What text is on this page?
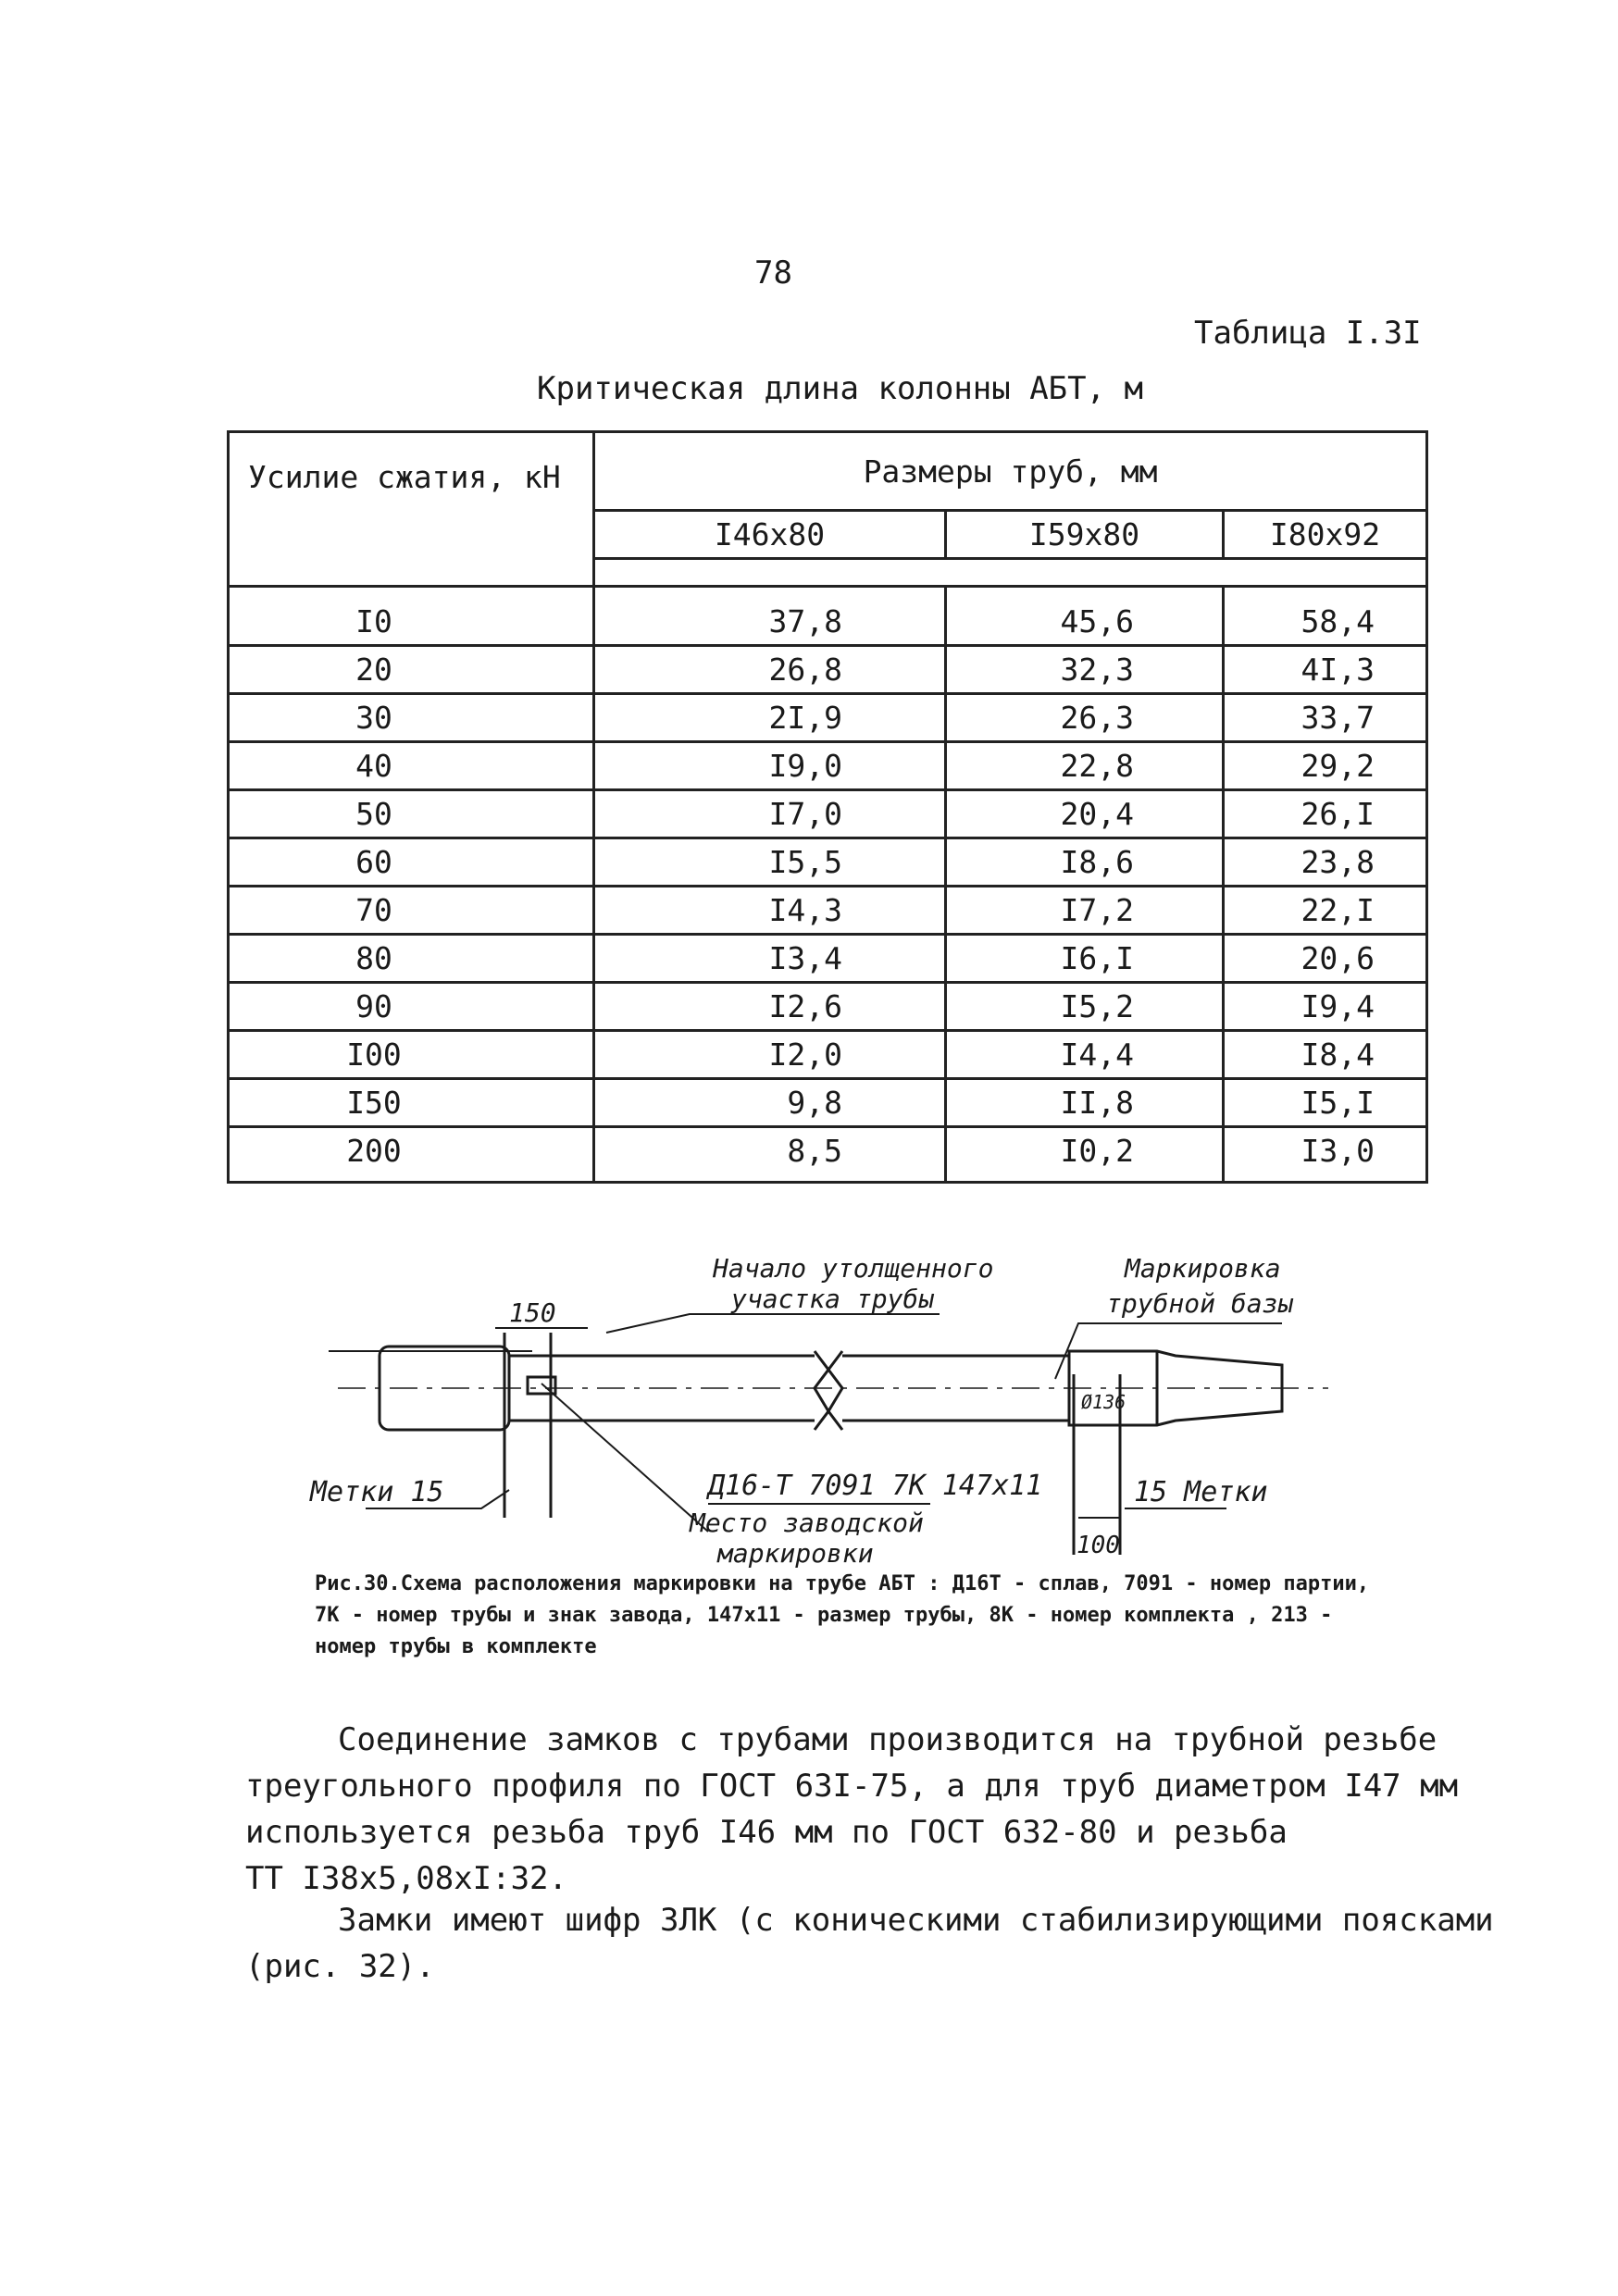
78
Таблица I.3I
Критическая длина колонны АБТ, м
Усилие сжатия, кН	Размеры труб, мм		
	I46x80	I59x80	I80x92

I0	37,8	45,6	58,4
20	26,8	32,3	4I,3
30	2I,9	26,3	33,7
40	I9,0	22,8	29,2
50	I7,0	20,4	26,I
60	I5,5	I8,6	23,8
70	I4,3	I7,2	22,I
80	I3,4	I6,I	20,6
90	I2,6	I5,2	I9,4
I00	I2,0	I4,4	I8,4
I50	9,8	II,8	I5,I
200	8,5	I0,2	I3,0
Начало утолщенного
участка трубы
Маркировка
трубной базы
150
Ø136
Метки 15	Д16-Т 7091 7К 147х11	15 Метки
Место заводской
маркировки	100
Рис.30.Схема расположения маркировки на трубе АБТ : Д16Т - сплав, 7091 - номер партии, 7К - номер трубы и знак завода, 147х11 - размер трубы, 8К - номер комплекта , 213 - номер трубы в комплекте
Соединение замков с трубами производится на трубной резьбе
треугольного профиля по ГОСТ 63I-75, а для труб диаметром I47 мм
используется резьба труб I46 мм по ГОСТ 632-80 и резьба
ТТ I38х5,08хI:32.
Замки имеют шифр ЗЛК (с коническими стабилизирующими поясками
(рис. 32).
